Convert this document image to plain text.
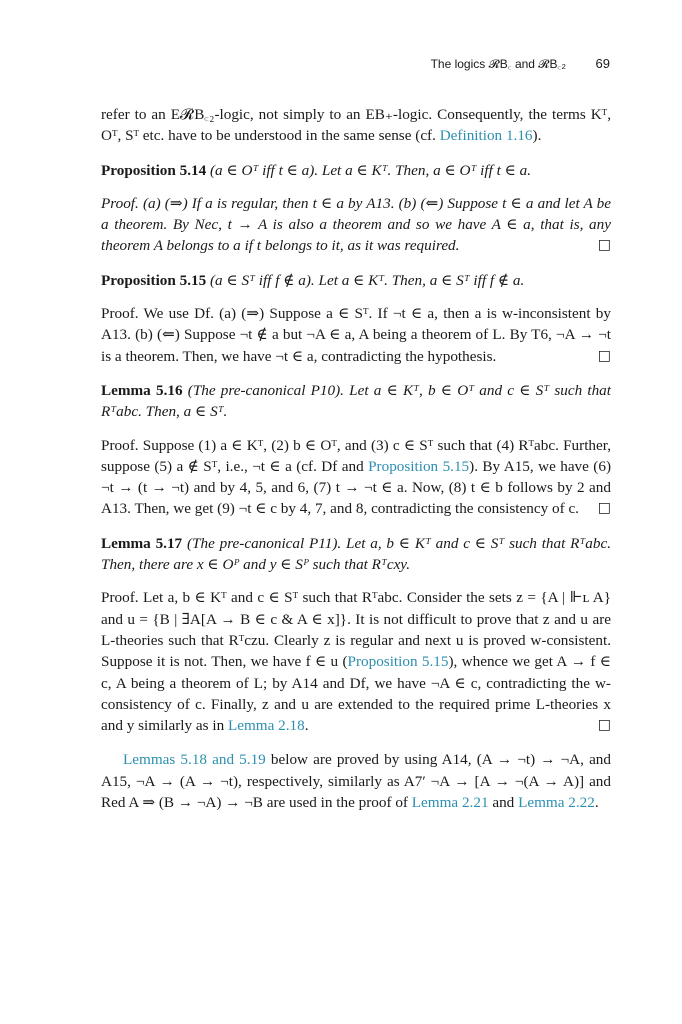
The logics 𝓡B꜀ and 𝓡B꜀₂ 69

refer to an E𝓡B꜀₂-logic, not simply to an EB₊-logic. Consequently, the terms Kᵀ, Oᵀ, Sᵀ etc. have to be understood in the same sense (cf. Definition 1.16).

Proposition 5.14 (a ∈ Oᵀ iff t ∈ a). Let a ∈ Kᵀ. Then, a ∈ Oᵀ iff t ∈ a.

Proof. (a) (⇒) If a is regular, then t ∈ a by A13. (b) (⇐) Suppose t ∈ a and let A be a theorem. By Nec, t → A is also a theorem and so we have A ∈ a, that is, any theorem A belongs to a if t belongs to it, as it was required.	□

Proposition 5.15 (a ∈ Sᵀ iff f ∉ a). Let a ∈ Kᵀ. Then, a ∈ Sᵀ iff f ∉ a.

Proof. We use Df. (a) (⇒) Suppose a ∈ Sᵀ. If ¬t ∈ a, then a is w-inconsistent by A13. (b) (⇐) Suppose ¬t ∉ a but ¬A ∈ a, A being a theorem of L. By T6, ¬A → ¬t is a theorem. Then, we have ¬t ∈ a, contradicting the hypothesis.	□

Lemma 5.16 (The pre-canonical P10). Let a ∈ Kᵀ, b ∈ Oᵀ and c ∈ Sᵀ such that Rᵀabc. Then, a ∈ Sᵀ.

Proof. Suppose (1) a ∈ Kᵀ, (2) b ∈ Oᵀ, and (3) c ∈ Sᵀ such that (4) Rᵀabc. Further, suppose (5) a ∉ Sᵀ, i.e., ¬t ∈ a (cf. Df and Proposition 5.15). By A15, we have (6) ¬t → (t → ¬t) and by 4, 5, and 6, (7) t → ¬t ∈ a. Now, (8) t ∈ b follows by 2 and A13. Then, we get (9) ¬t ∈ c by 4, 7, and 8, contradicting the consistency of c. □

Lemma 5.17 (The pre-canonical P11). Let a, b ∈ Kᵀ and c ∈ Sᵀ such that Rᵀabc. Then, there are x ∈ Oᴾ and y ∈ Sᴾ such that Rᵀcxy.

Proof. Let a, b ∈ Kᵀ and c ∈ Sᵀ such that Rᵀabc. Consider the sets z = {A | ⊩ʟ A} and u = {B | ∃A[A → B ∈ c & A ∈ x]}. It is not difficult to prove that z and u are L-theories such that Rᵀczu. Clearly z is regular and next u is proved w-consistent. Suppose it is not. Then, we have f ∈ u (Proposition 5.15), whence we get A → f ∈ c, A being a theorem of L; by A14 and Df, we have ¬A ∈ c, contradicting the w-consistency of c. Finally, z and u are extended to the required prime L-theories x and y similarly as in Lemma 2.18.	□

Lemmas 5.18 and 5.19 below are proved by using A14, (A → ¬t) → ¬A, and A15, ¬A → (A → ¬t), respectively, similarly as A7′ ¬A → [A → ¬(A → A)] and Red A ⇒ (B → ¬A) → ¬B are used in the proof of Lemma 2.21 and Lemma 2.22.
